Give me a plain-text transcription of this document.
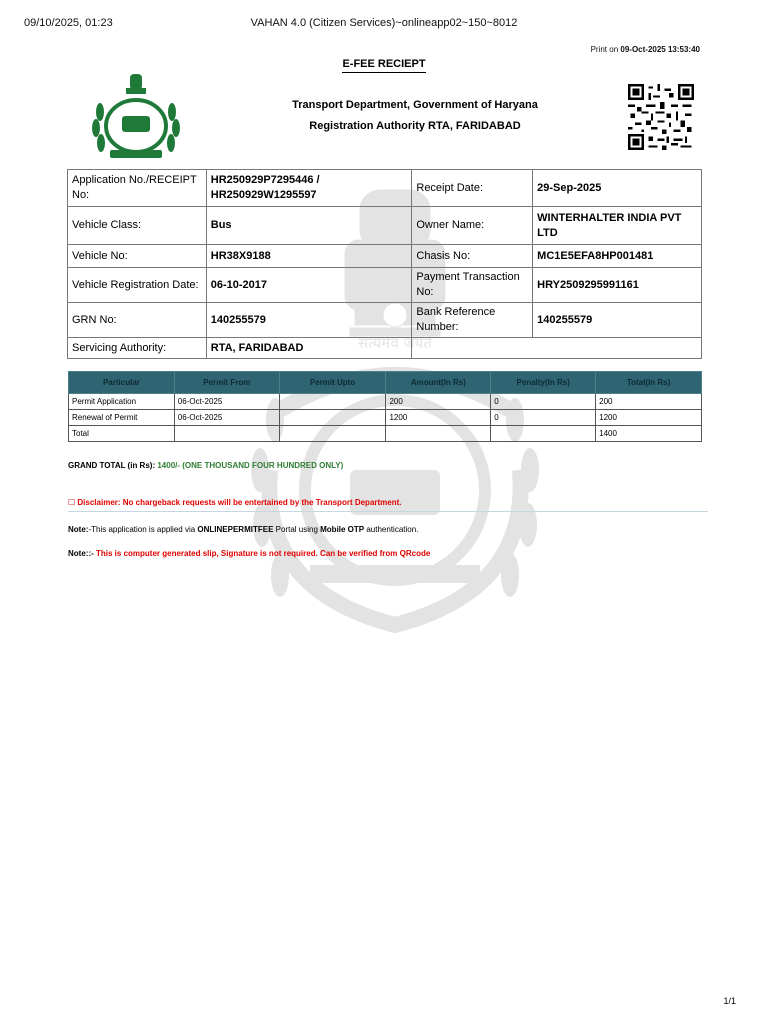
09/10/2025, 01:23	VAHAN 4.0 (Citizen Services)~onlineapp02~150~8012
Print on 09-Oct-2025 13:53:40
सत्यमेव जयते
E-FEE RECIEPT
Transport Department, Government of Haryana
Registration Authority RTA, FARIDABAD
Application No./RECEIPT No:	HR250929P7295446 / HR250929W1295597	Receipt Date:	29-Sep-2025
Vehicle Class:	Bus	Owner Name:	WINTERHALTER INDIA PVT LTD
Vehicle No:	HR38X9188	Chasis No:	MC1E5EFA8HP001481
Vehicle Registration Date:	06-10-2017	Payment Transaction No:	HRY2509295991161
GRN No:	140255579	Bank Reference Number:	140255579
Servicing Authority:	RTA, FARIDABAD		
Particular	Permit From	Permit Upto	Amount(In Rs)	Penalty(In Rs)	Total(In Rs)
Permit Application	06-Oct-2025		200	0	200
Renewal of Permit	06-Oct-2025		1200	0	1200
Total					1400
GRAND TOTAL (in Rs): 1400/- (ONE THOUSAND FOUR HUNDRED ONLY)
☐ Disclaimer: No chargeback requests will be entertained by the Transport Department.
Note:-This application is applied via ONLINEPERMITFEE Portal using Mobile OTP authentication.
Note::- This is computer generated slip, Signature is not required. Can be verified from QRcode
1/1
